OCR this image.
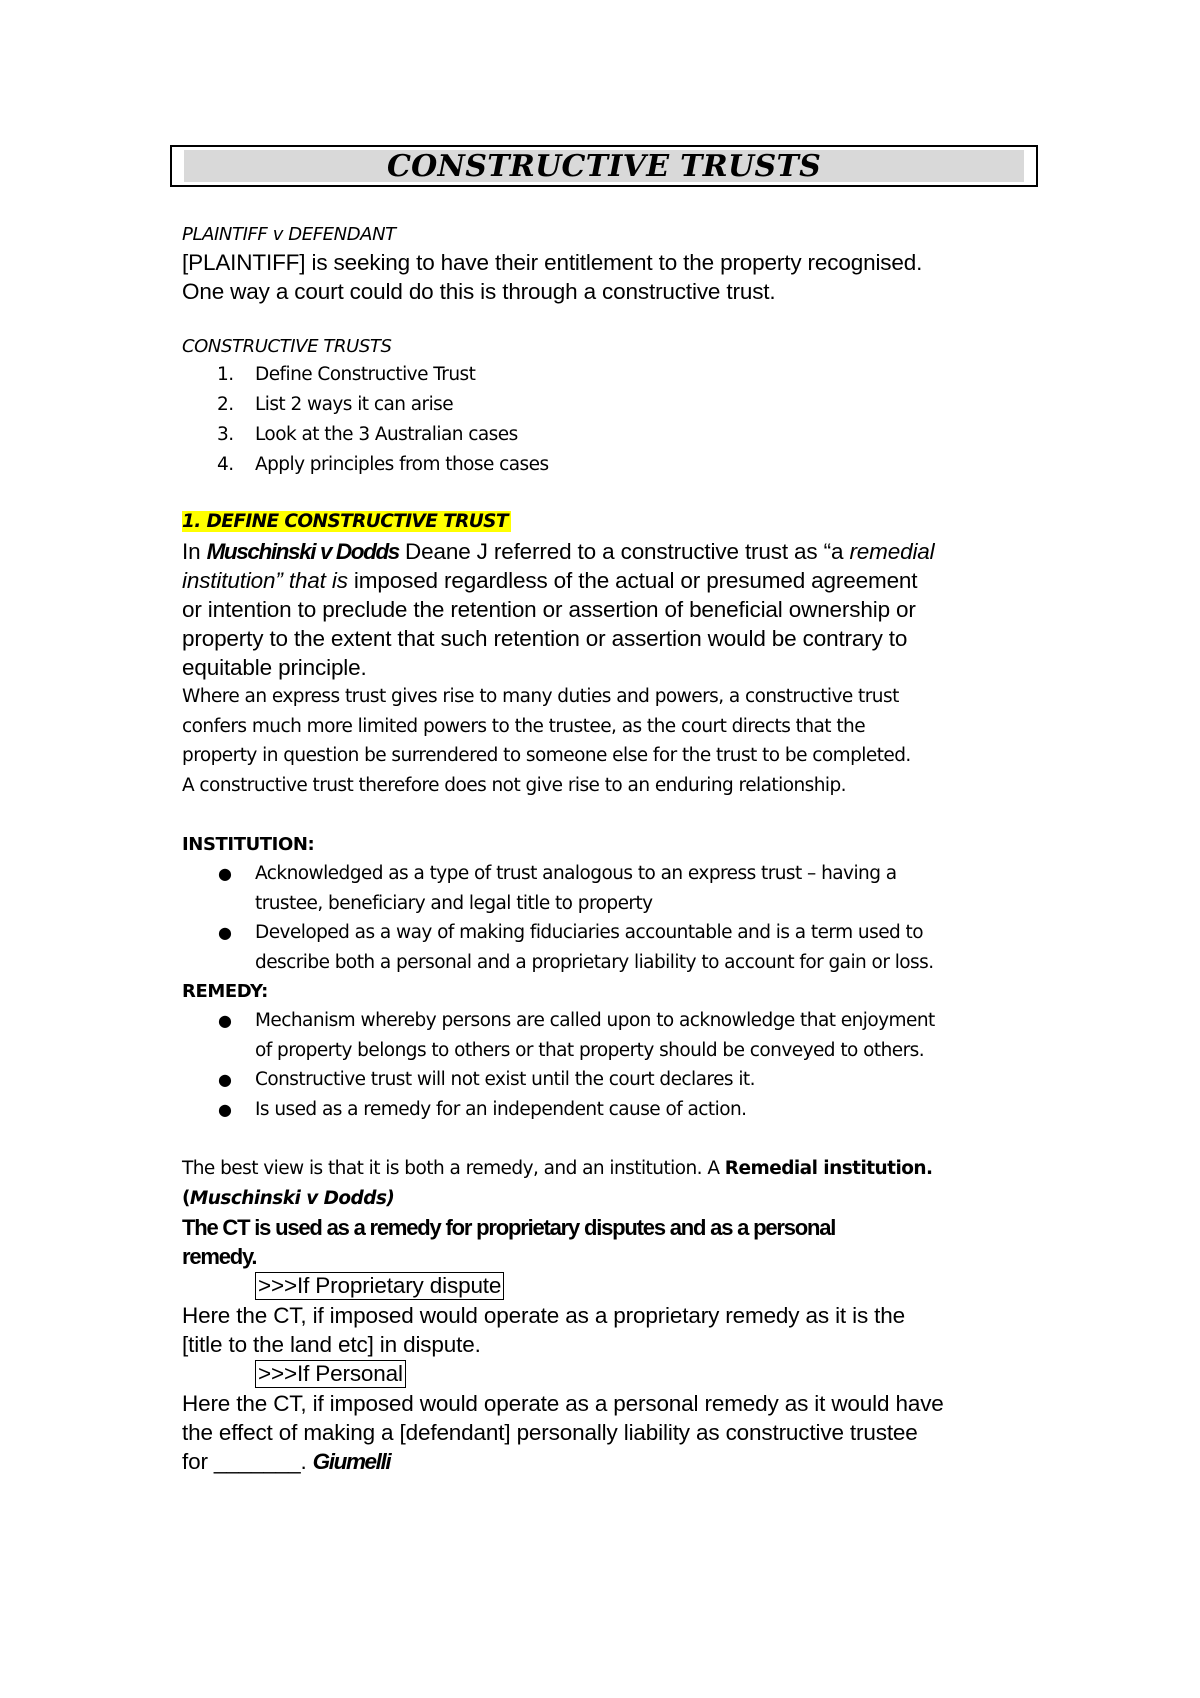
CONSTRUCTIVE TRUSTS
PLAINTIFF v DEFENDANT
[PLAINTIFF] is seeking to have their entitlement to the property recognised.
One way a court could do this is through a constructive trust.
CONSTRUCTIVE TRUSTS
1. Define Constructive Trust
2. List 2 ways it can arise
3. Look at the 3 Australian cases
4. Apply principles from those cases
1. DEFINE CONSTRUCTIVE TRUST
In Muschinski v Dodds Deane J referred to a constructive trust as “a remedial
institution” that is imposed regardless of the actual or presumed agreement
or intention to preclude the retention or assertion of beneficial ownership or
property to the extent that such retention or assertion would be contrary to
equitable principle.
Where an express trust gives rise to many duties and powers, a constructive trust
confers much more limited powers to the trustee, as the court directs that the
property in question be surrendered to someone else for the trust to be completed.
A constructive trust therefore does not give rise to an enduring relationship.
INSTITUTION:
● Acknowledged as a type of trust analogous to an express trust – having a
trustee, beneficiary and legal title to property
● Developed as a way of making fiduciaries accountable and is a term used to
describe both a personal and a proprietary liability to account for gain or loss.
REMEDY:
● Mechanism whereby persons are called upon to acknowledge that enjoyment
of property belongs to others or that property should be conveyed to others.
● Constructive trust will not exist until the court declares it.
● Is used as a remedy for an independent cause of action.
The best view is that it is both a remedy, and an institution. A Remedial institution.
(Muschinski v Dodds)
The CT is used as a remedy for proprietary disputes and as a personal
remedy.
>>>If Proprietary dispute
Here the CT, if imposed would operate as a proprietary remedy as it is the
[title to the land etc] in dispute.
>>>If Personal
Here the CT, if imposed would operate as a personal remedy as it would have
the effect of making a [defendant] personally liability as constructive trustee
for _______. Giumelli
